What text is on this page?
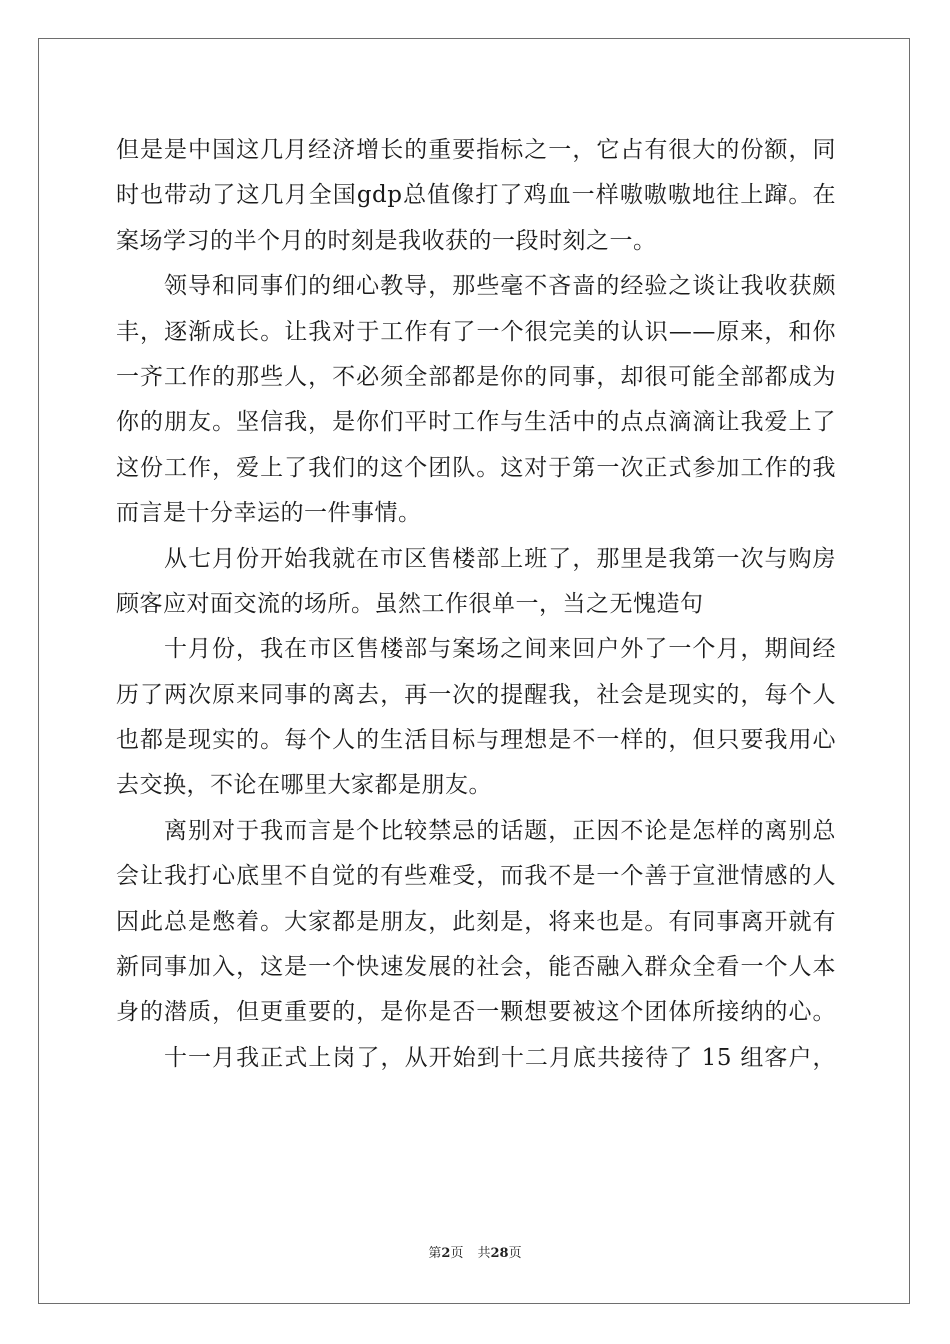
但是是中国这几月经济增长的重要指标之一，它占有很大的份额，同
时也带动了这几月全国gdp总值像打了鸡血一样嗷嗷嗷地往上蹿。在
案场学习的半个月的时刻是我收获的一段时刻之一。
领导和同事们的细心教导，那些毫不吝啬的经验之谈让我收获颇
丰，逐渐成长。让我对于工作有了一个很完美的认识——原来，和你
一齐工作的那些人，不必须全部都是你的同事，却很可能全部都成为
你的朋友。坚信我，是你们平时工作与生活中的点点滴滴让我爱上了
这份工作，爱上了我们的这个团队。这对于第一次正式参加工作的我
而言是十分幸运的一件事情。
从七月份开始我就在市区售楼部上班了，那里是我第一次与购房
顾客应对面交流的场所。虽然工作很单一，当之无愧造句
十月份，我在市区售楼部与案场之间来回户外了一个月，期间经
历了两次原来同事的离去，再一次的提醒我，社会是现实的，每个人
也都是现实的。每个人的生活目标与理想是不一样的，但只要我用心
去交换，不论在哪里大家都是朋友。
离别对于我而言是个比较禁忌的话题，正因不论是怎样的离别总
会让我打心底里不自觉的有些难受，而我不是一个善于宣泄情感的人
因此总是憋着。大家都是朋友，此刻是，将来也是。有同事离开就有
新同事加入，这是一个快速发展的社会，能否融入群众全看一个人本
身的潜质，但更重要的，是你是否一颗想要被这个团体所接纳的心。
十一月我正式上岗了，从开始到十二月底共接待了 15 组客户，
第2页 共28页
